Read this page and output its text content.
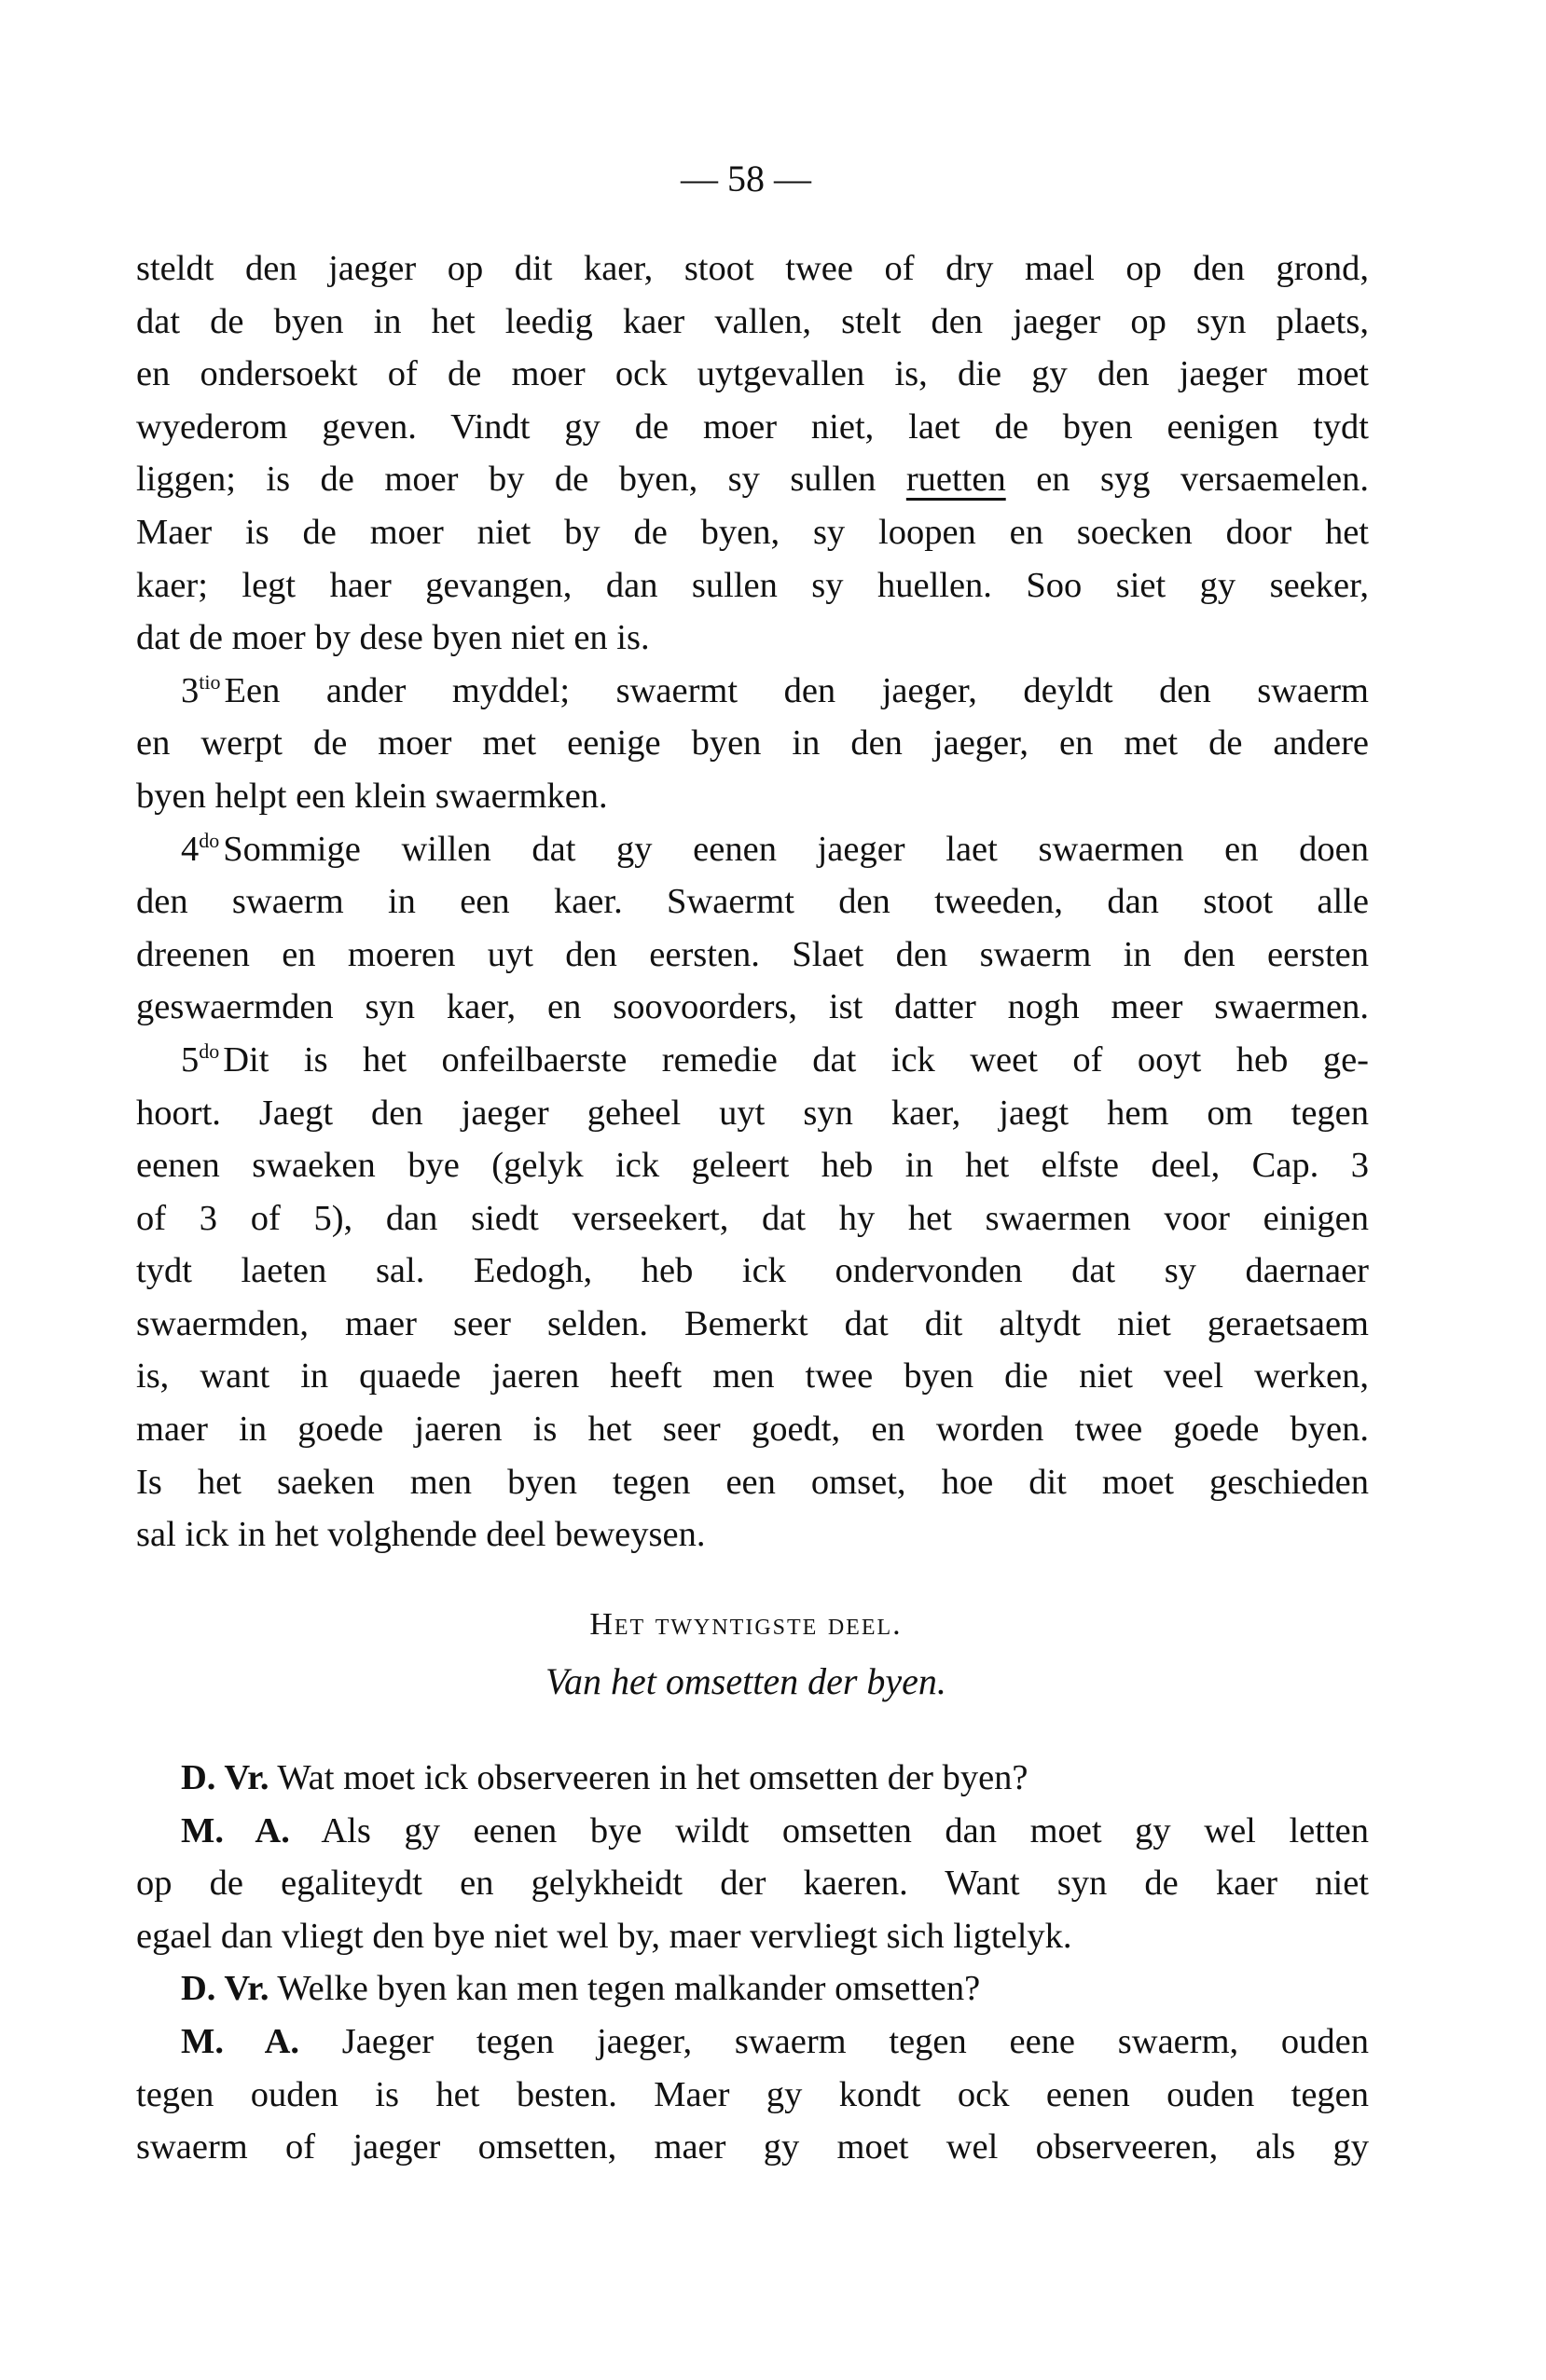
— 58 —
steldt den jaeger op dit kaer, stoot twee of dry mael op den grond,
dat de byen in het leedig kaer vallen, stelt den jaeger op syn plaets,
en ondersoekt of de moer ock uytgevallen is, die gy den jaeger moet
wyederom geven. Vindt gy de moer niet, laet de byen eenigen tydt
liggen; is de moer by de byen, sy sullen ruetten en syg versaemelen.
Maer is de moer niet by de byen, sy loopen en soecken door het
kaer; legt haer gevangen, dan sullen sy huellen. Soo siet gy seeker,
dat de moer by dese byen niet en is.
$3^{tio}$ Een ander myddel; swaermt den jaeger, deyldt den swaerm
en werpt de moer met eenige byen in den jaeger, en met de andere
byen helpt een klein swaermken.
$4^{do}$ Sommige willen dat gy eenen jaeger laet swaermen en doen
den swaerm in een kaer. Swaermt den tweeden, dan stoot alle
dreenen en moeren uyt den eersten. Slaet den swaerm in den eersten
geswaermden syn kaer, en soovoorders, ist datter nogh meer swaermen.
$5^{do}$ Dit is het onfeilbaerste remedie dat ick weet of ooyt heb ge-
hoort. Jaegt den jaeger geheel uyt syn kaer, jaegt hem om tegen
eenen swaeken bye (gelyk ick geleert heb in het elfste deel, Cap. 3
of 3 of 5), dan siedt verseekert, dat hy het swaermen voor einigen
tydt laeten sal. Eedogh, heb ick ondervonden dat sy daernaer
swaermden, maer seer selden. Bemerkt dat dit altydt niet geraetsaem
is, want in quaede jaeren heeft men twee byen die niet veel werken,
maer in goede jaeren is het seer goedt, en worden twee goede byen.
Is het saeken men byen tegen een omset, hoe dit moet geschieden
sal ick in het volghende deel beweysen.
Het twyntigste deel.
Van het omsetten der byen.
D. Vr. Wat moet ick observeeren in het omsetten der byen?
M. A. Als gy eenen bye wildt omsetten dan moet gy wel letten
op de egaliteydt en gelykheidt der kaeren. Want syn de kaer niet
egael dan vliegt den bye niet wel by, maer vervliegt sich ligtelyk.
D. Vr. Welke byen kan men tegen malkander omsetten?
M. A. Jaeger tegen jaeger, swaerm tegen eene swaerm, ouden
tegen ouden is het besten. Maer gy kondt ock eenen ouden tegen
swaerm of jaeger omsetten, maer gy moet wel observeeren, als gy
